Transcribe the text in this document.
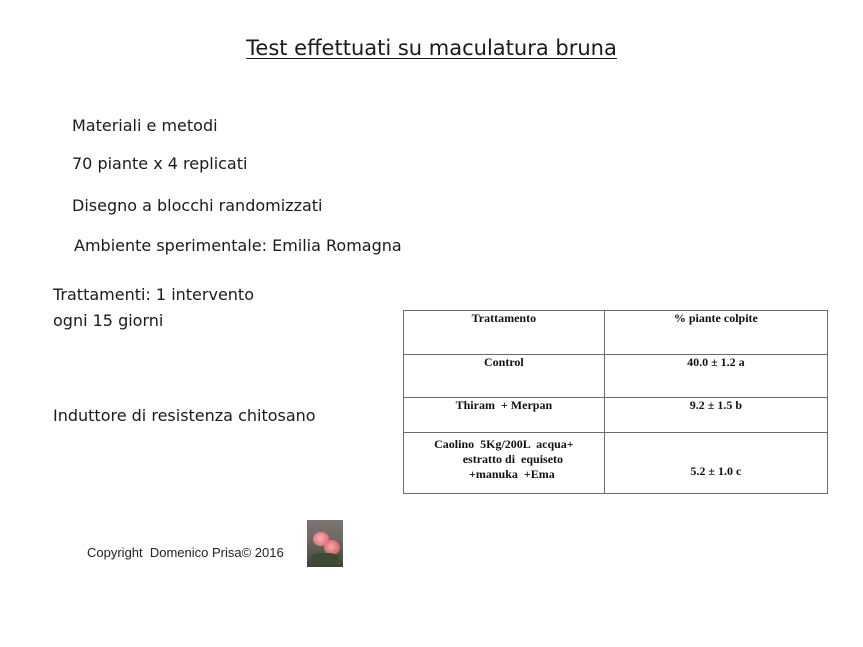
Test effettuati su maculatura bruna
Materiali e metodi
70 piante x 4 replicati
Disegno a blocchi randomizzati
Ambiente sperimentale: Emilia Romagna
Trattamenti: 1 intervento
ogni 15 giorni
Induttore di resistenza chitosano
Trattamento	% piante colpite
Control	40.0 ± 1.2 a
Thiram  + Merpan	9.2 ± 1.5 b

Caolino  5Kg/200L  acqua+
estratto di  equiseto
+manuka  +Ema	5.2 ± 1.0 c
Copyright  Domenico Prisa© 2016
